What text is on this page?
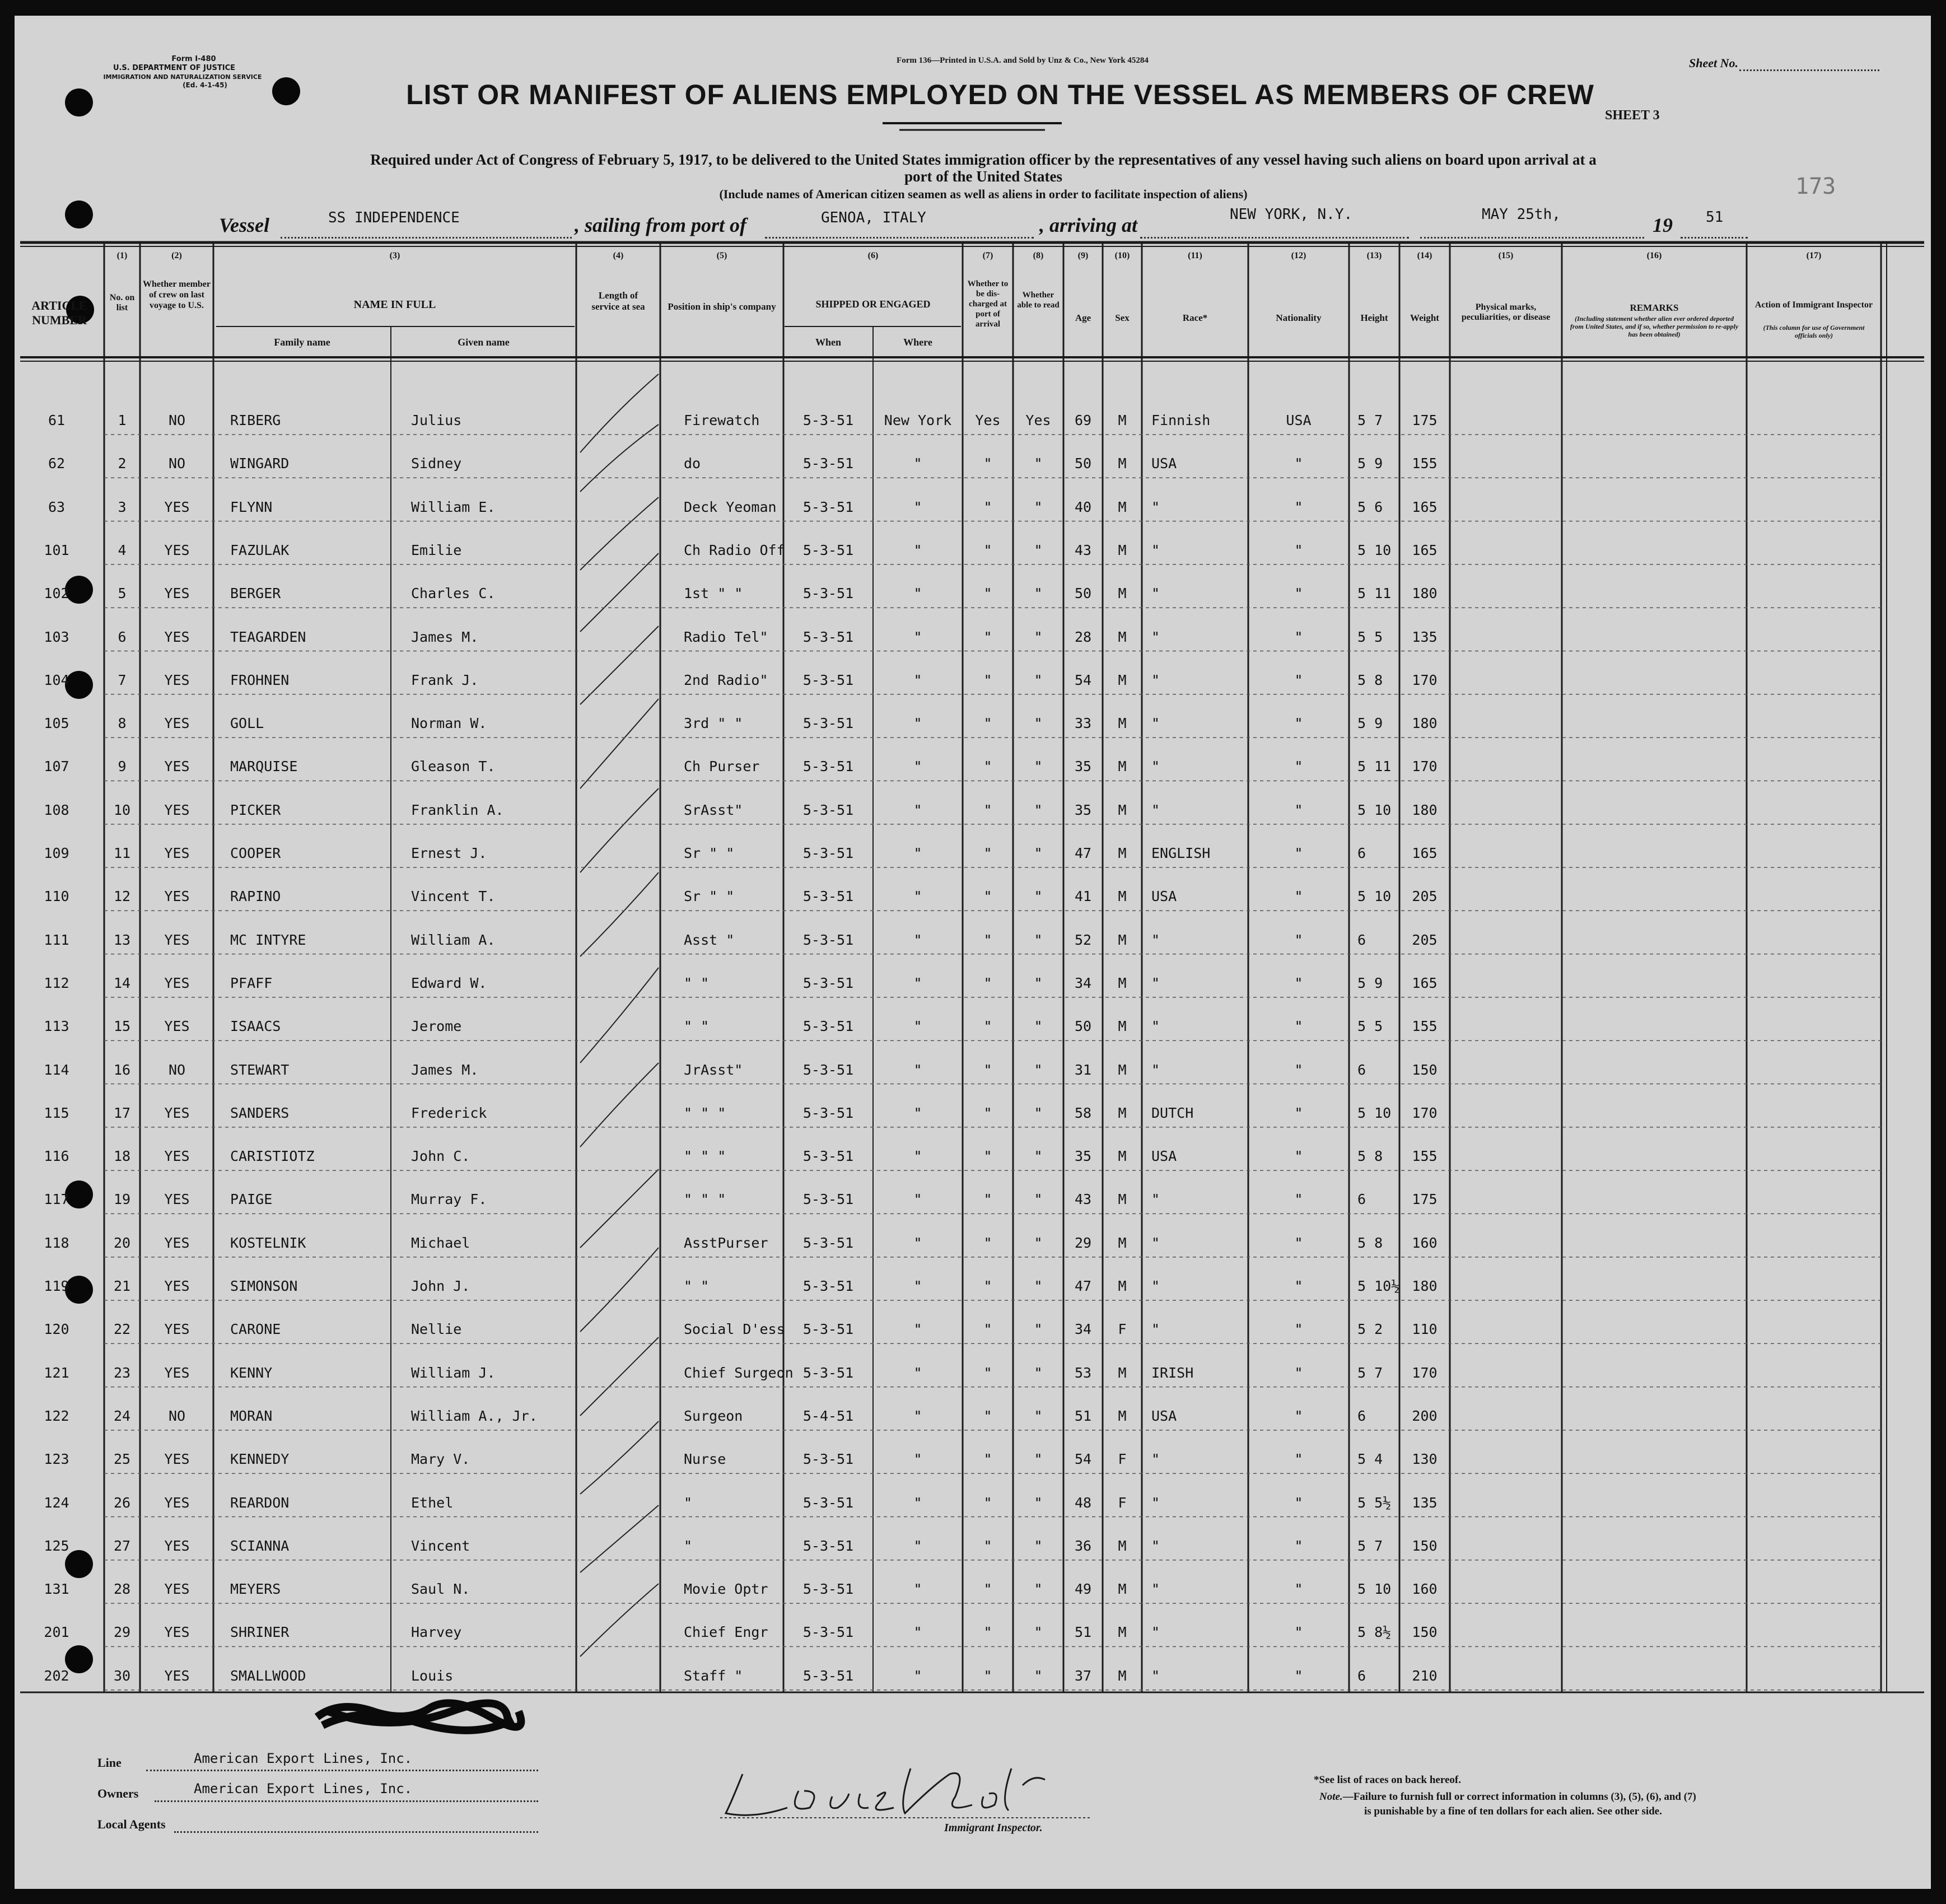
Form I-480
U.S. DEPARTMENT OF JUSTICE
IMMIGRATION AND NATURALIZATION SERVICE
(Ed. 4-1-45)
Form 136—Printed in U.S.A. and Sold by Unz & Co., New York 45284	Sheet No.
SHEET 3
173
LIST OR MANIFEST OF ALIENS EMPLOYED ON THE VESSEL AS MEMBERS OF CREW
Required under Act of Congress of February 5, 1917, to be delivered to the United States immigration officer by the representatives of any vessel having such aliens on board upon arrival at a
port of the United States
(Include names of American citizen seamen as well as aliens in order to facilitate inspection of aliens)
Vessel	SS INDEPENDENCE	, sailing from port of	GENOA, ITALY	, arriving at	NEW YORK, N.Y.	MAY 25th,	19 51
ARTICLE NUMBER
(1)
No. on list
(2)
Whether member of crew on last voyage to U.S.
(3)
NAME IN FULL
Family name	Given name
(4)
Length of service at sea
(5)
Position in ship's company
(6)
SHIPPED OR ENGAGED
When	Where
(7)
Whether to be dis-charged at port of arrival
(8)
Whether able to read
(9)
Age
(10)
Sex
(11)
Race*
(12)
Nationality
(13)
Height
(14)
Weight
(15)
Physical marks, peculiarities, or disease
(16)
REMARKS
(Including statement whether alien ever ordered deported from United States, and if so, whether permission to re-apply has been obtained)
(17)
Action of Immigrant Inspector
(This column for use of Government officials only)
61	1	NO	RIBERG	Julius	Firewatch	5-3-51	New York	Yes	Yes	69	M	Finnish	USA	5 7	175
62	2	NO	WINGARD	Sidney	do	5-3-51	"	"	"	50	M	USA	"	5 9	155
63	3	YES	FLYNN	William E.	Deck Yeoman	5-3-51	"	"	"	40	M	"	"	5 6	165
101	4	YES	FAZULAK	Emilie	Ch Radio Off	5-3-51	"	"	"	43	M	"	"	5 10	165
102	5	YES	BERGER	Charles C.	1st " "	5-3-51	"	"	"	50	M	"	"	5 11	180
103	6	YES	TEAGARDEN	James M.	Radio Tel"	5-3-51	"	"	"	28	M	"	"	5 5	135
104	7	YES	FROHNEN	Frank J.	2nd Radio"	5-3-51	"	"	"	54	M	"	"	5 8	170
105	8	YES	GOLL	Norman W.	3rd " "	5-3-51	"	"	"	33	M	"	"	5 9	180
107	9	YES	MARQUISE	Gleason T.	Ch Purser	5-3-51	"	"	"	35	M	"	"	5 11	170
108	10	YES	PICKER	Franklin A.	SrAsst"	5-3-51	"	"	"	35	M	"	"	5 10	180
109	11	YES	COOPER	Ernest J.	Sr " "	5-3-51	"	"	"	47	M	ENGLISH	"	6	165
110	12	YES	RAPINO	Vincent T.	Sr " "	5-3-51	"	"	"	41	M	USA	"	5 10	205
111	13	YES	MC INTYRE	William A.	Asst "	5-3-51	"	"	"	52	M	"	"	6	205
112	14	YES	PFAFF	Edward W.	" "	5-3-51	"	"	"	34	M	"	"	5 9	165
113	15	YES	ISAACS	Jerome	" "	5-3-51	"	"	"	50	M	"	"	5 5	155
114	16	NO	STEWART	James M.	JrAsst"	5-3-51	"	"	"	31	M	"	"	6	150
115	17	YES	SANDERS	Frederick	" " "	5-3-51	"	"	"	58	M	DUTCH	"	5 10	170
116	18	YES	CARISTIOTZ	John C.	" " "	5-3-51	"	"	"	35	M	USA	"	5 8	155
117	19	YES	PAIGE	Murray F.	" " "	5-3-51	"	"	"	43	M	"	"	6	175
118	20	YES	KOSTELNIK	Michael	AsstPurser	5-3-51	"	"	"	29	M	"	"	5 8	160
119	21	YES	SIMONSON	John J.	" "	5-3-51	"	"	"	47	M	"	"	5 10½ 180
120	22	YES	CARONE	Nellie	Social D'ess	5-3-51	"	"	"	34	F	"	"	5 2	110
121	23	YES	KENNY	William J.	Chief Surgeon 5-3-51	"	"	"	53	M	IRISH	"	5 7	170
122	24	NO	MORAN	William A., Jr.	Surgeon	5-4-51	"	"	"	51	M	USA	"	6	200
123	25	YES	KENNEDY	Mary V.	Nurse	5-3-51	"	"	"	54	F	"	"	5 4	130
124	26	YES	REARDON	Ethel	"	5-3-51	"	"	"	48	F	"	"	5 5½	135
125	27	YES	SCIANNA	Vincent	"	5-3-51	"	"	"	36	M	"	"	5 7	150
131	28	YES	MEYERS	Saul N.	Movie Optr	5-3-51	"	"	"	49	M	"	"	5 10	160
201	29	YES	SHRINER	Harvey	Chief Engr	5-3-51	"	"	"	51	M	"	"	5 8½	150
202	30	YES	SMALLWOOD	Louis	Staff "	5-3-51	"	"	"	37	M	"	"	6	210
Line	American Export Lines, Inc.
Owners	American Export Lines, Inc.
Local Agents	Immigrant Inspector.
*See list of races on back hereof.
Note.—Failure to furnish full or correct information in columns (3), (5), (6), and (7)
is punishable by a fine of ten dollars for each alien. See other side.
